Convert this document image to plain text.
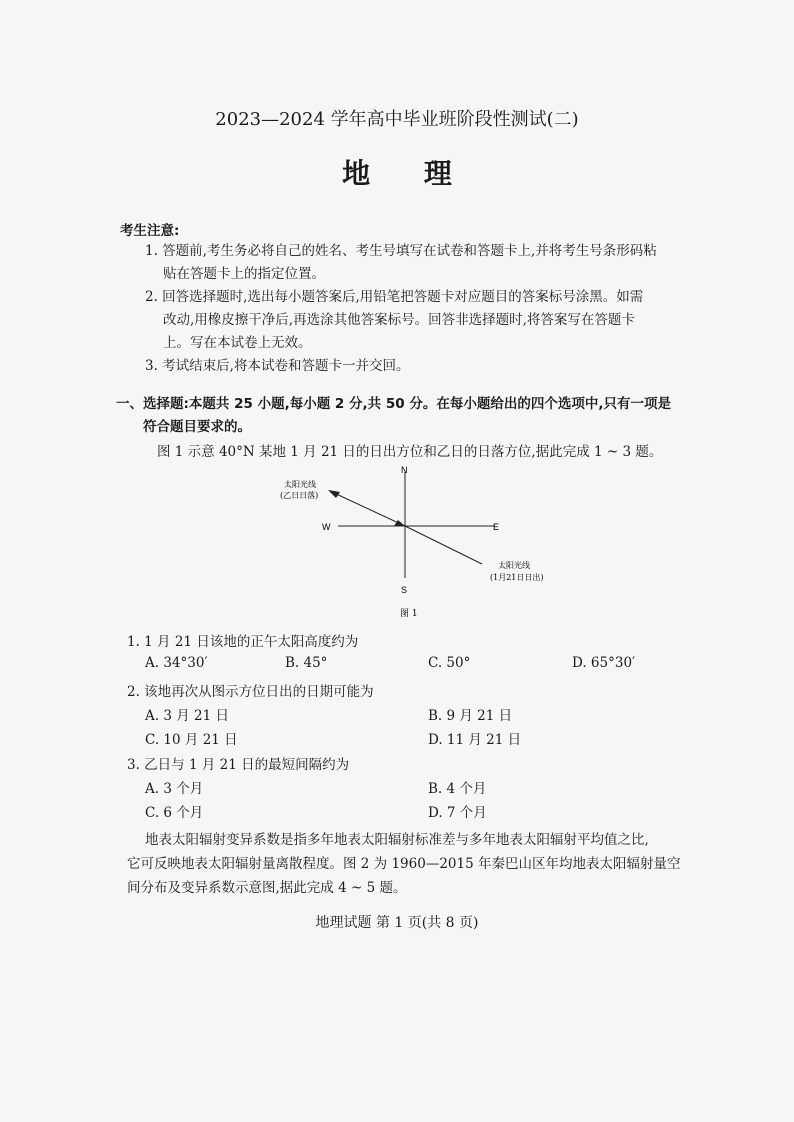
2023—2024 学年高中毕业班阶段性测试(二)
地 理
考生注意:
1. 答题前,考生务必将自己的姓名、考生号填写在试卷和答题卡上,并将考生号条形码粘
贴在答题卡上的指定位置。
2. 回答选择题时,选出每小题答案后,用铅笔把答题卡对应题目的答案标号涂黑。如需
改动,用橡皮擦干净后,再选涂其他答案标号。回答非选择题时,将答案写在答题卡
上。写在本试卷上无效。
3. 考试结束后,将本试卷和答题卡一并交回。
一、选择题:本题共 25 小题,每小题 2 分,共 50 分。在每小题给出的四个选项中,只有一项是
符合题目要求的。
图 1 示意 40°N 某地 1 月 21 日的日出方位和乙日的日落方位,据此完成 1 ~ 3 题。
N
S
W	E
太阳光线
(乙日日落)
太阳光线
(1月21日日出)
图 1
1. 1 月 21 日该地的正午太阳高度约为
A. 34°30′	B. 45°	C. 50°	D. 65°30′
2. 该地再次从图示方位日出的日期可能为
A. 3 月 21 日	B. 9 月 21 日
C. 10 月 21 日	D. 11 月 21 日
3. 乙日与 1 月 21 日的最短间隔约为
A. 3 个月	B. 4 个月
C. 6 个月	D. 7 个月
地表太阳辐射变异系数是指多年地表太阳辐射标准差与多年地表太阳辐射平均值之比,
它可反映地表太阳辐射量离散程度。图 2 为 1960—2015 年秦巴山区年均地表太阳辐射量空
间分布及变异系数示意图,据此完成 4 ~ 5 题。
地理试题 第 1 页(共 8 页)
